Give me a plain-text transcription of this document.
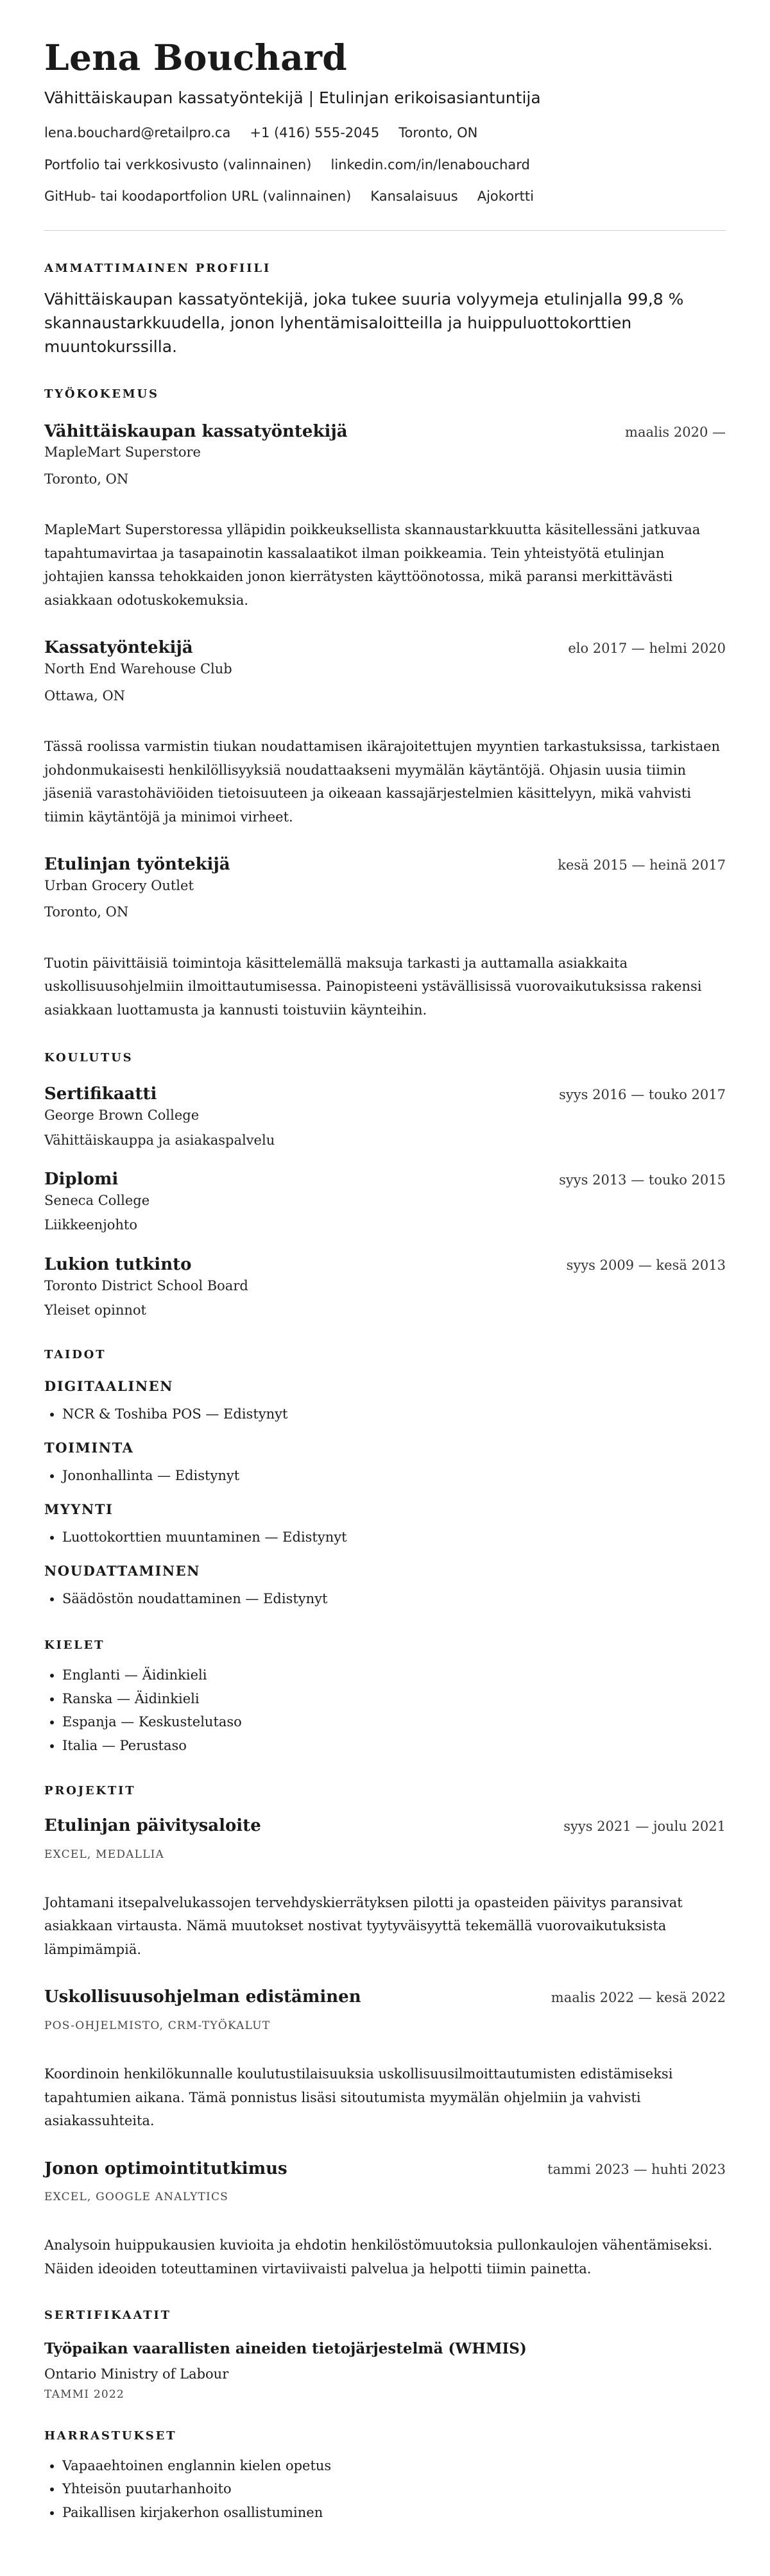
Lena Bouchard
Vähittäiskaupan kassatyöntekijä | Etulinjan erikoisasiantuntija
lena.bouchard@retailpro.ca +1 (416) 555-2045 Toronto, ON
Portfolio tai verkkosivusto (valinnainen) linkedin.com/in/lenabouchard
GitHub- tai koodaportfolion URL (valinnainen) Kansalaisuus Ajokortti
AMMATTIMAINEN PROFIILI
Vähittäiskaupan kassatyöntekijä, joka tukee suuria volyymeja etulinjalla 99,8 % skannaustarkkuudella, jonon lyhentämisaloitteilla ja huippuluottokorttien muuntokurssilla.
TYÖKOKEMUS
Vähittäiskaupan kassatyöntekijä	maalis 2020 —
MapleMart Superstore
Toronto, ON
MapleMart Superstoressa ylläpidin poikkeuksellista skannaustarkkuutta käsitellessäni jatkuvaa tapahtumavirtaa ja tasapainotin kassalaatikot ilman poikkeamia. Tein yhteistyötä etulinjan johtajien kanssa tehokkaiden jonon kierrätysten käyttöönotossa, mikä paransi merkittävästi asiakkaan odotuskokemuksia.
Kassatyöntekijä	elo 2017 — helmi 2020
North End Warehouse Club
Ottawa, ON
Tässä roolissa varmistin tiukan noudattamisen ikärajoitettujen myyntien tarkastuksissa, tarkistaen johdonmukaisesti henkilöllisyyksiä noudattaakseni myymälän käytäntöjä. Ohjasin uusia tiimin jäseniä varastohäviöiden tietoisuuteen ja oikeaan kassajärjestelmien käsittelyyn, mikä vahvisti tiimin käytäntöjä ja minimoi virheet.
Etulinjan työntekijä	kesä 2015 — heinä 2017
Urban Grocery Outlet
Toronto, ON
Tuotin päivittäisiä toimintoja käsittelemällä maksuja tarkasti ja auttamalla asiakkaita uskollisuusohjelmiin ilmoittautumisessa. Painopisteeni ystävällisissä vuorovaikutuksissa rakensi asiakkaan luottamusta ja kannusti toistuviin käynteihin.
KOULUTUS
Sertifikaatti	syys 2016 — touko 2017
George Brown College
Vähittäiskauppa ja asiakaspalvelu
Diplomi	syys 2013 — touko 2015
Seneca College
Liikkeenjohto
Lukion tutkinto	syys 2009 — kesä 2013
Toronto District School Board
Yleiset opinnot
TAIDOT
DIGITAALINEN
• NCR & Toshiba POS — Edistynyt
TOIMINTA
• Jononhallinta — Edistynyt
MYYNTI
• Luottokorttien muuntaminen — Edistynyt
NOUDATTAMINEN
• Säädöstön noudattaminen — Edistynyt
KIELET
• Englanti — Äidinkieli
• Ranska — Äidinkieli
• Espanja — Keskustelutaso
• Italia — Perustaso
PROJEKTIT
Etulinjan päivitysaloite	syys 2021 — joulu 2021
EXCEL, MEDALLIA
Johtamani itsepalvelukassojen tervehdyskierrätyksen pilotti ja opasteiden päivitys paransivat asiakkaan virtausta. Nämä muutokset nostivat tyytyväisyyttä tekemällä vuorovaikutuksista lämpimämpiä.
Uskollisuusohjelman edistäminen	maalis 2022 — kesä 2022
POS-OHJELMISTO, CRM-TYÖKALUT
Koordinoin henkilökunnalle koulutustilaisuuksia uskollisuusilmoittautumisten edistämiseksi tapahtumien aikana. Tämä ponnistus lisäsi sitoutumista myymälän ohjelmiin ja vahvisti asiakassuhteita.
Jonon optimointitutkimus	tammi 2023 — huhti 2023
EXCEL, GOOGLE ANALYTICS
Analysoin huippukausien kuvioita ja ehdotin henkilöstömuutoksia pullonkaulojen vähentämiseksi. Näiden ideoiden toteuttaminen virtaviivaisti palvelua ja helpotti tiimin painetta.
SERTIFIKAATIT
Työpaikan vaarallisten aineiden tietojärjestelmä (WHMIS)
Ontario Ministry of Labour
TAMMI 2022
HARRASTUKSET
• Vapaaehtoinen englannin kielen opetus
• Yhteisön puutarhanhoito
• Paikallisen kirjakerhon osallistuminen
